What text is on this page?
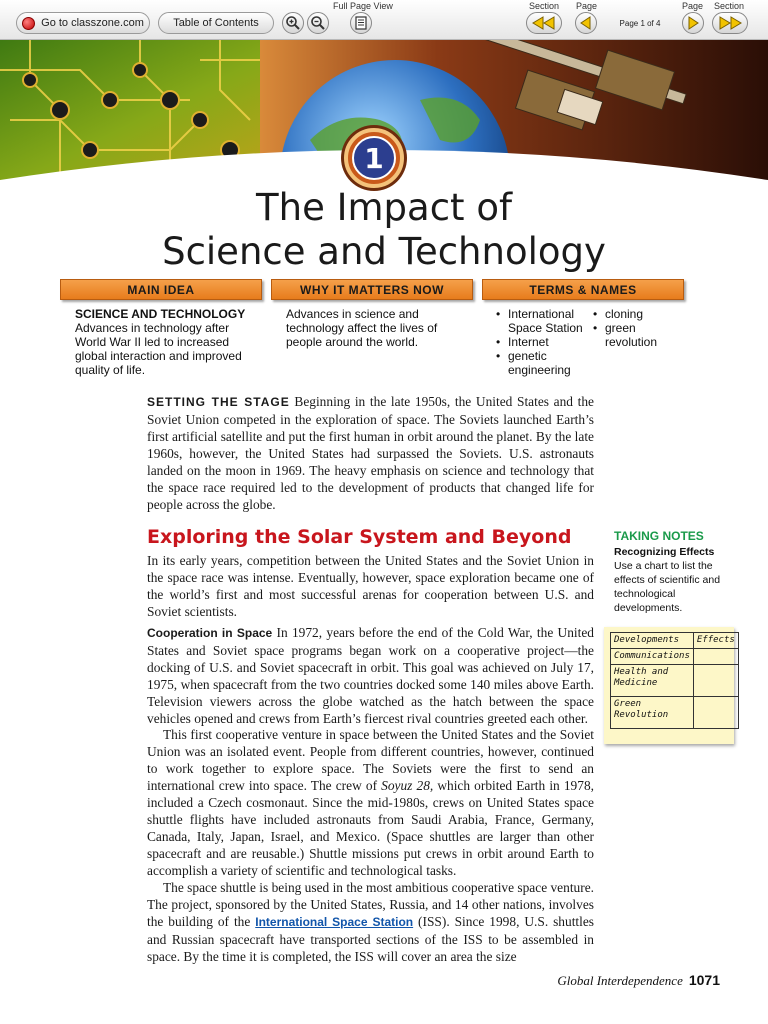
Go to classzone.com	Table of Contents
Full Page View	Section Page
Page 1 of 4
Page Section
1
The Impact of
Science and Technology
MAIN IDEA	WHY IT MATTERS NOW	TERMS & NAMES
SCIENCE AND TECHNOLOGY
Advances in technology after World War II led to increased global interaction and improved quality of life.
Advances in science and technology affect the lives of people around the world.
• International Space Station
• Internet
• genetic engineering
• cloning
• green revolution

SETTING THE STAGE Beginning in the late 1950s, the United States and the Soviet Union competed in the exploration of space. The Soviets launched Earth’s first artificial satellite and put the first human in orbit around the planet. By the late 1960s, however, the United States had surpassed the Soviets. U.S. astronauts landed on the moon in 1969. The heavy emphasis on science and technology that the space race required led to the development of products that changed life for people across the globe.

Exploring the Solar System and Beyond

In its early years, competition between the United States and the Soviet Union in the space race was intense. Eventually, however, space exploration became one of the world’s first and most successful arenas for cooperation between U.S. and Soviet scientists.

Cooperation in Space In 1972, years before the end of the Cold War, the United States and Soviet space programs began work on a cooperative project—the docking of U.S. and Soviet spacecraft in orbit. This goal was achieved on July 17, 1975, when spacecraft from the two countries docked some 140 miles above Earth. Television viewers across the globe watched as the hatch between the space vehicles opened and crews from Earth’s fiercest rival countries greeted each other.

This first cooperative venture in space between the United States and the Soviet Union was an isolated event. People from different countries, however, continued to work together to explore space. The Soviets were the first to send an international crew into space. The crew of Soyuz 28, which orbited Earth in 1978, included a Czech cosmonaut. Since the mid-1980s, crews on United States space shuttle flights have included astronauts from Saudi Arabia, France, Germany, Canada, Italy, Japan, Israel, and Mexico. (Space shuttles are larger than other spacecraft and are reusable.) Shuttle missions put crews in orbit around Earth to accomplish a variety of scientific and technological tasks.

The space shuttle is being used in the most ambitious cooperative space venture. The project, sponsored by the United States, Russia, and 14 other nations, involves the building of the International Space Station (ISS). Since 1998, U.S. shuttles and Russian spacecraft have transported sections of the ISS to be assembled in space. By the time it is completed, the ISS will cover an area the size

TAKING NOTES
Recognizing Effects Use a chart to list the effects of scientific and technological developments.
Developments	Effects
Communications	
Health and Medicine	
Green Revolution	
Global Interdependence 1071
